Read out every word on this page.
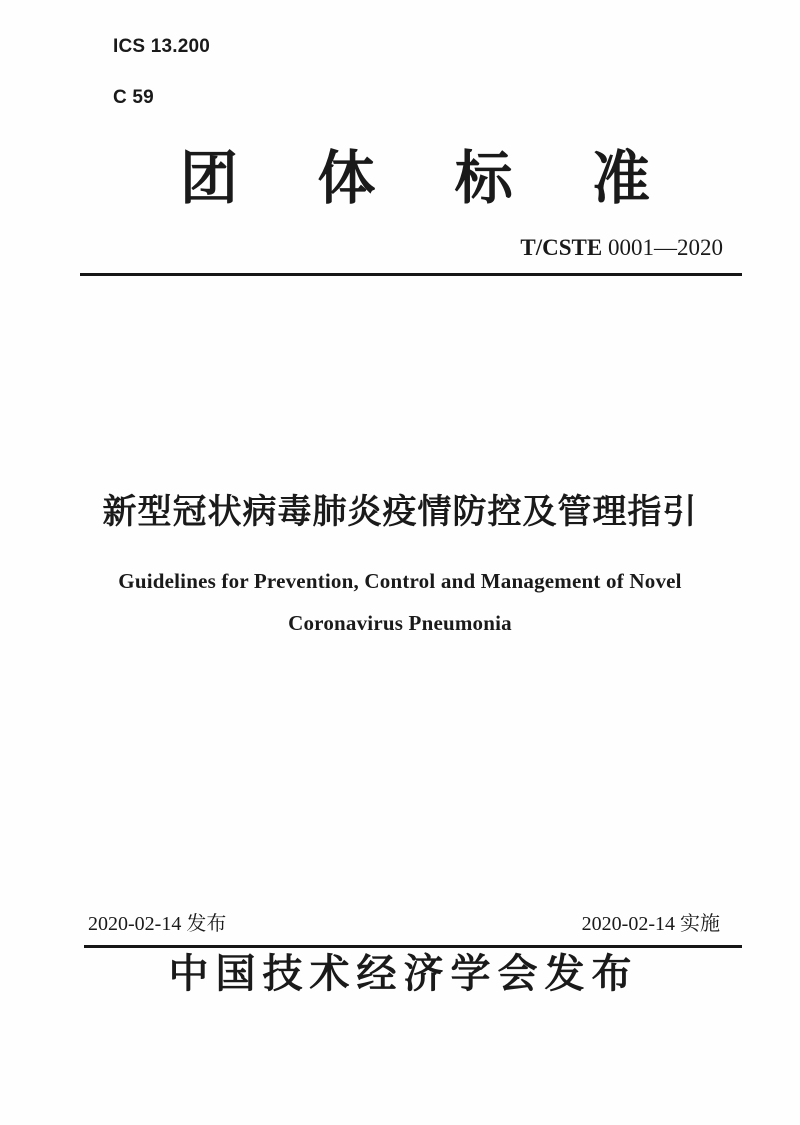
ICS 13.200
C 59
团 体 标 准
T/CSTE 0001—2020
新型冠状病毒肺炎疫情防控及管理指引
Guidelines for Prevention, Control and Management of Novel
Coronavirus Pneumonia
2020-02-14 发布	2020-02-14 实施
中国技术经济学会发布
